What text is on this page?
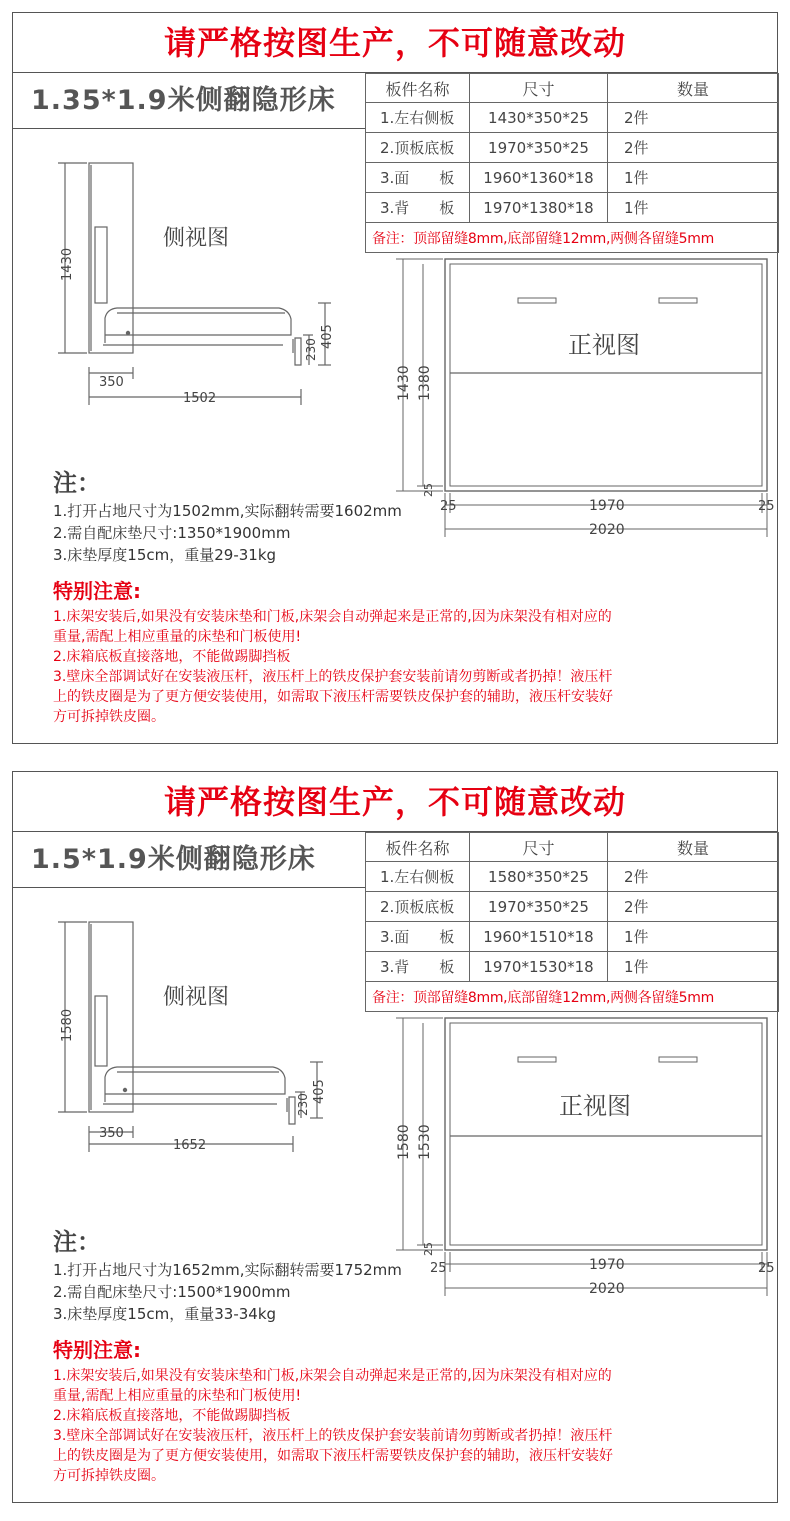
请严格按图生产，不可随意改动
1.35*1.9米侧翻隐形床	板件名称	尺寸	数量
1.左右侧板	1430*350*25	2件
2.顶板底板	1970*350*25	2件
3.面　　板	1960*1360*18	1件
3.背　　板	1970*1380*18	1件
备注：顶部留缝8mm,底部留缝12mm,两侧各留缝5mm		
侧视图
1430
405
230
350
1502
正视图
1430 1380
25
25	25
1970
2020
注：
1.打开占地尺寸为1502mm,实际翻转需要1602mm
2.需自配床垫尺寸:1350*1900mm
3.床垫厚度15cm，重量29-31kg
特别注意:
1.床架安装后,如果没有安装床垫和门板,床架会自动弹起来是正常的,因为床架没有相对应的
重量,需配上相应重量的床垫和门板使用!
2.床箱底板直接落地，不能做踢脚挡板
3.壁床全部调试好在安装液压杆，液压杆上的铁皮保护套安装前请勿剪断或者扔掉！液压杆
上的铁皮圈是为了更方便安装使用，如需取下液压杆需要铁皮保护套的辅助，液压杆安装好
方可拆掉铁皮圈。
请严格按图生产，不可随意改动
1.5*1.9米侧翻隐形床	板件名称	尺寸	数量
1.左右侧板	1580*350*25	2件
2.顶板底板	1970*350*25	2件
3.面　　板	1960*1510*18	1件
3.背　　板	1970*1530*18	1件
备注：顶部留缝8mm,底部留缝12mm,两侧各留缝5mm		
侧视图
1580
405
230
350
1652
正视图
1580 1530
25
25	25
1970
2020
注：
1.打开占地尺寸为1652mm,实际翻转需要1752mm
2.需自配床垫尺寸:1500*1900mm
3.床垫厚度15cm，重量33-34kg
特别注意:
1.床架安装后,如果没有安装床垫和门板,床架会自动弹起来是正常的,因为床架没有相对应的
重量,需配上相应重量的床垫和门板使用!
2.床箱底板直接落地，不能做踢脚挡板
3.壁床全部调试好在安装液压杆，液压杆上的铁皮保护套安装前请勿剪断或者扔掉！液压杆
上的铁皮圈是为了更方便安装使用，如需取下液压杆需要铁皮保护套的辅助，液压杆安装好
方可拆掉铁皮圈。
